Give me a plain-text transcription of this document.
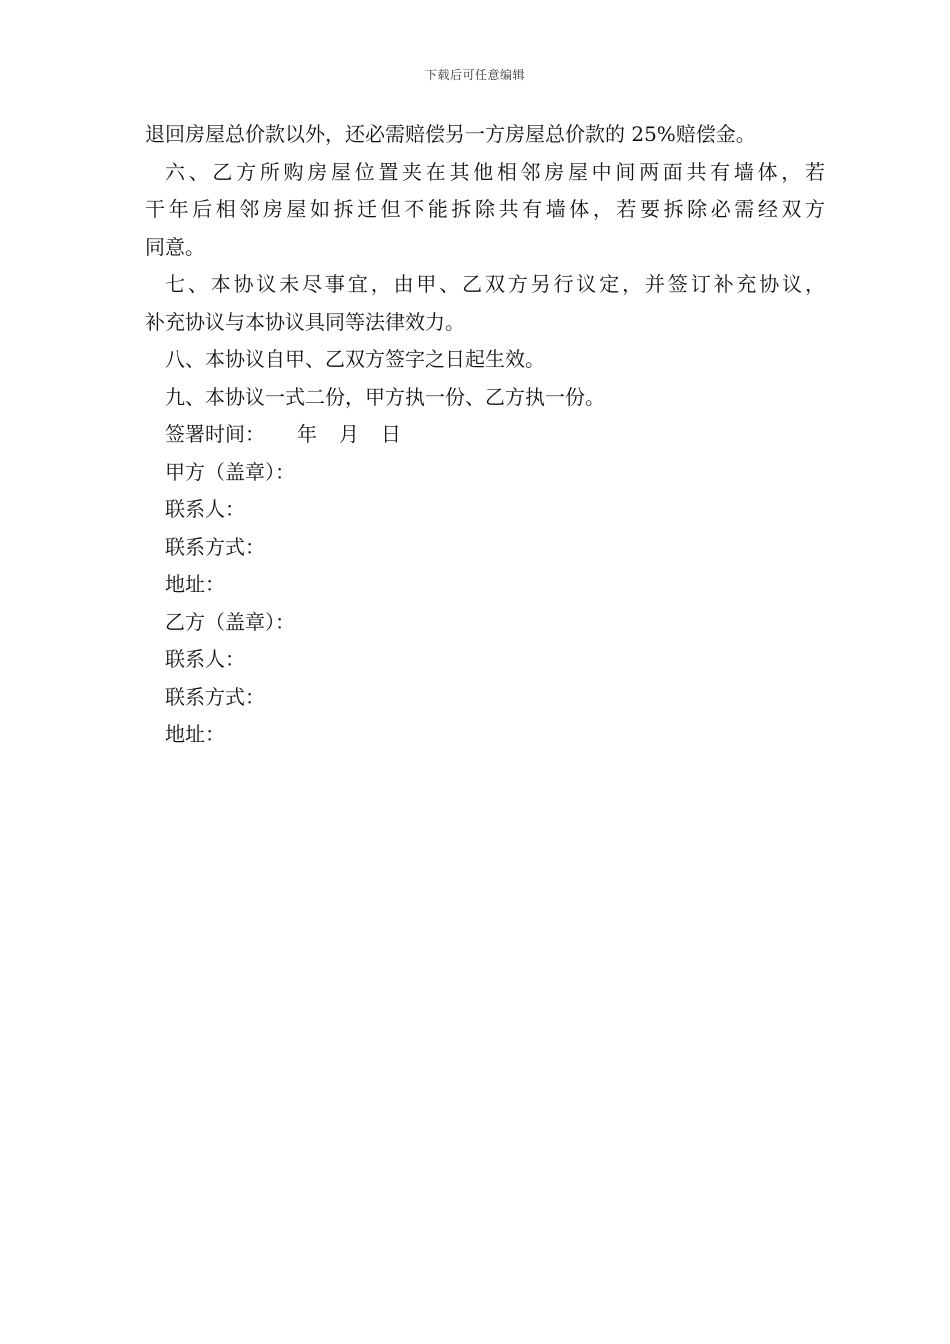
下载后可任意编辑
退回房屋总价款以外，还必需赔偿另一方房屋总价款的 25%赔偿金。
六、乙方所购房屋位置夹在其他相邻房屋中间两面共有墙体，若
干年后相邻房屋如拆迁但不能拆除共有墙体，若要拆除必需经双方
同意。
七、本协议未尽事宜，由甲、乙双方另行议定，并签订补充协议，
补充协议与本协议具同等法律效力。
八、本协议自甲、乙双方签字之日起生效。
九、本协议一式二份，甲方执一份、乙方执一份。
签署时间： 年 月 日
甲方（盖章）：
联系人：
联系方式：
地址：
乙方（盖章）：
联系人：
联系方式：
地址：
